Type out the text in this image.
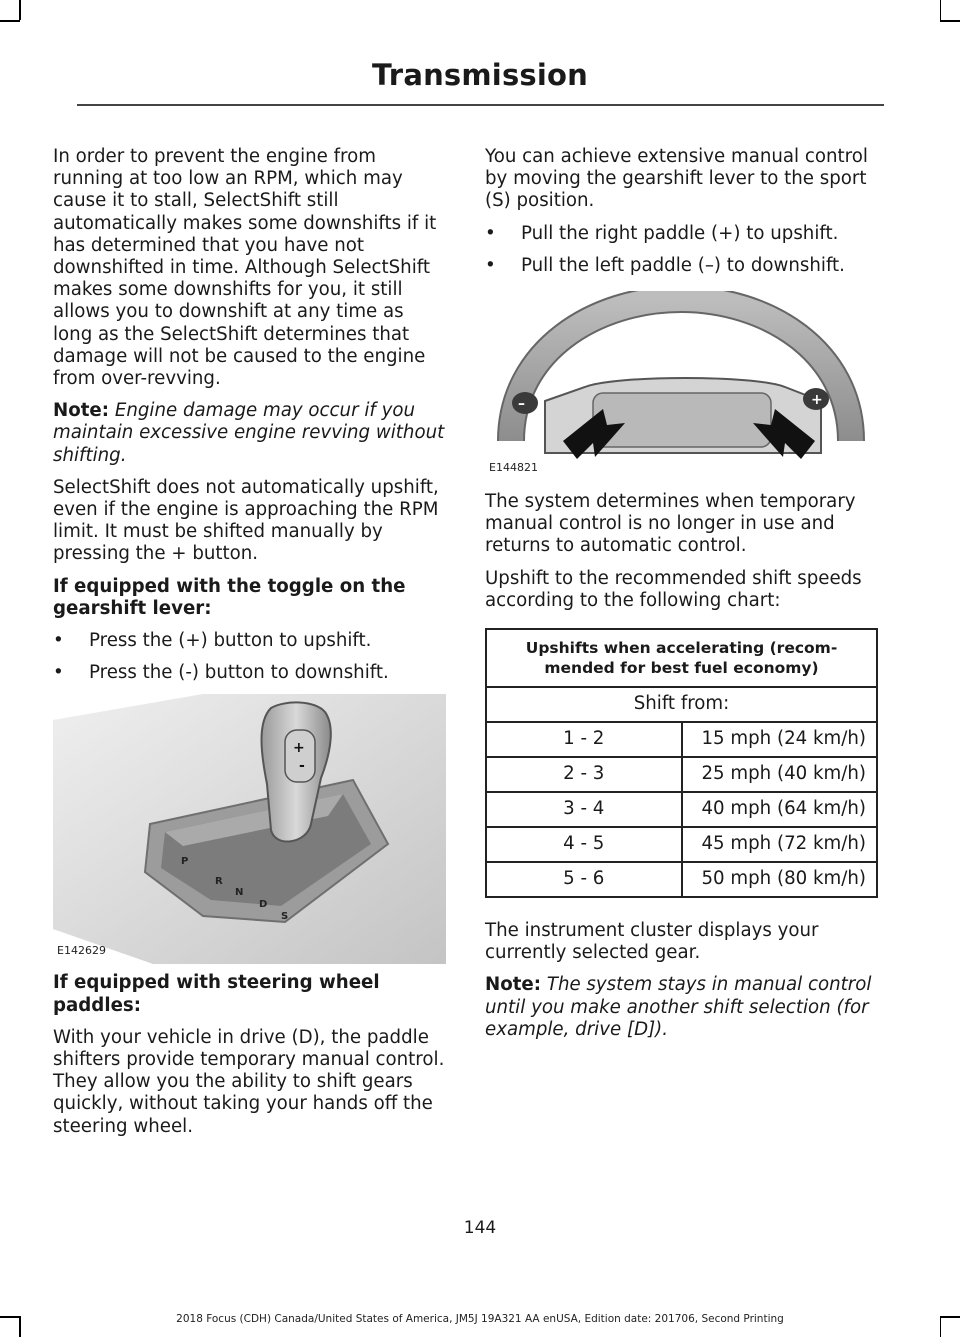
Transmission

In order to prevent the engine from running at too low an RPM, which may cause it to stall, SelectShift still automatically makes some downshifts if it has determined that you have not downshifted in time. Although SelectShift makes some downshifts for you, it still allows you to downshift at any time as long as the SelectShift determines that damage will not be caused to the engine from over-revving.

Note: Engine damage may occur if you maintain excessive engine revving without shifting.

SelectShift does not automatically upshift, even if the engine is approaching the RPM limit. It must be shifted manually by pressing the + button.

If equipped with the toggle on the gearshift lever:
• Press the (+) button to upshift.
• Press the (-) button to downshift.
+
-
P
R
N
D
S
E142629
If equipped with steering wheel paddles:

With your vehicle in drive (D), the paddle shifters provide temporary manual control. They allow you the ability to shift gears quickly, without taking your hands off the steering wheel.

You can achieve extensive manual control by moving the gearshift lever to the sport (S) position.

• Pull the right paddle (+) to upshift.
• Pull the left paddle (–) to downshift.
–	+
E144821

The system determines when temporary manual control is no longer in use and returns to automatic control.

Upshift to the recommended shift speeds according to the following chart:

Upshifts when accelerating (recom-mended for best fuel economy)	
Shift from:	
1 - 2	15 mph (24 km/h)
2 - 3	25 mph (40 km/h)
3 - 4	40 mph (64 km/h)
4 - 5	45 mph (72 km/h)
5 - 6	50 mph (80 km/h)

The instrument cluster displays your currently selected gear.

Note: The system stays in manual control until you make another shift selection (for example, drive [D]).

144
2018 Focus (CDH) Canada/United States of America, JM5J 19A321 AA enUSA, Edition date: 201706, Second Printing
